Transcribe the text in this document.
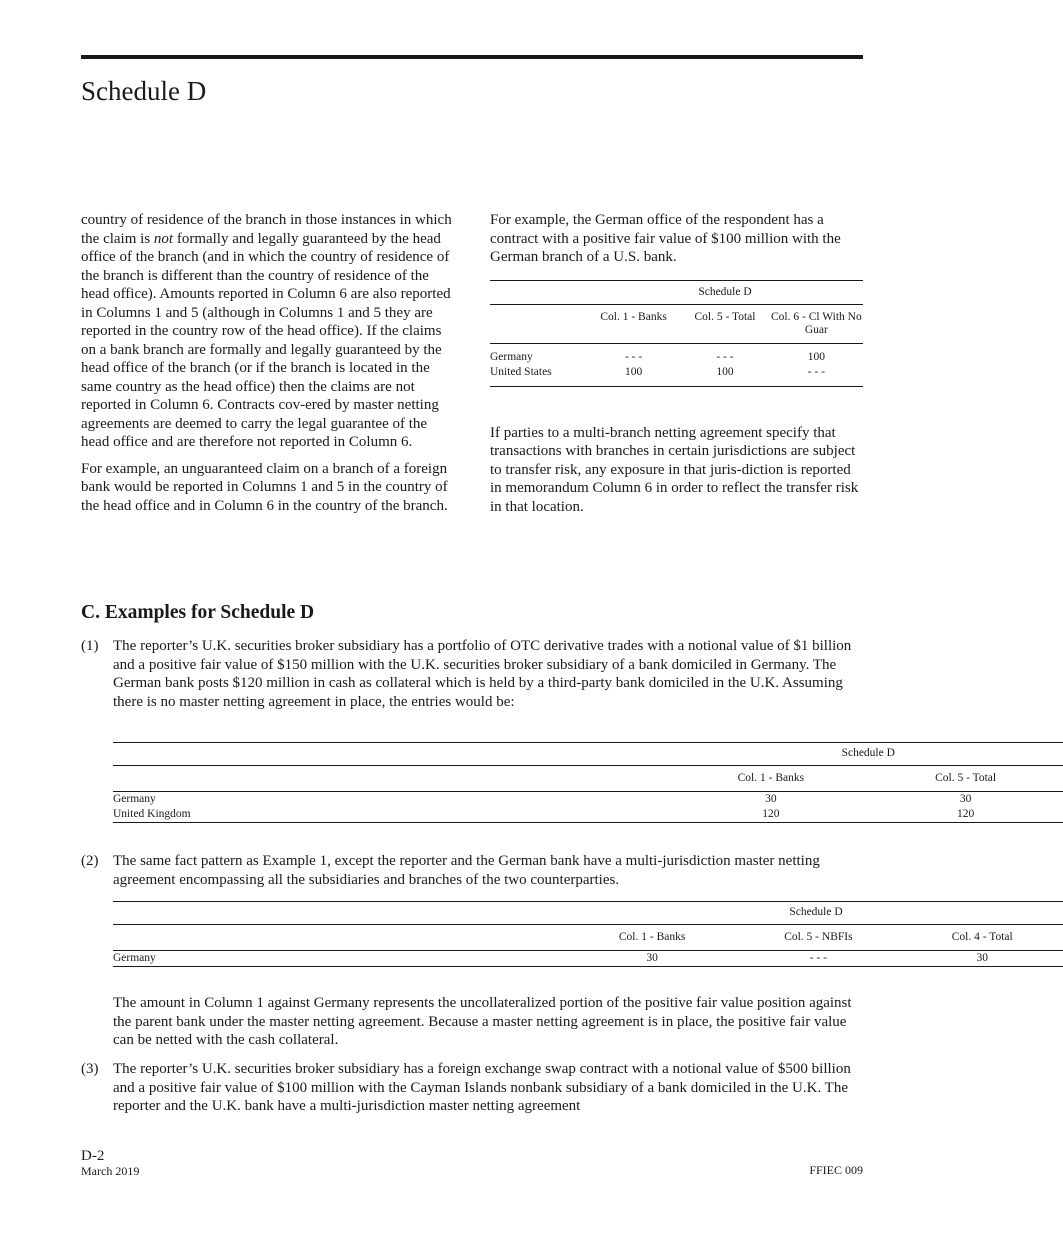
Schedule D

country of residence of the branch in those instances in which the claim is not formally and legally guaranteed by the head office of the branch (and in which the country of residence of the branch is different than the country of residence of the head office). Amounts reported in Column 6 are also reported in Columns 1 and 5 (although in Columns 1 and 5 they are reported in the country row of the head office). If the claims on a bank branch are formally and legally guaranteed by the head office of the branch (or if the branch is located in the same country as the head office) then the claims are not reported in Column 6. Contracts cov-ered by master netting agreements are deemed to carry the legal guarantee of the head office and are therefore not reported in Column 6.

For example, an unguaranteed claim on a branch of a foreign bank would be reported in Columns 1 and 5 in the country of the head office and in Column 6 in the country of the branch.

For example, the German office of the respondent has a contract with a positive fair value of $100 million with the German branch of a U.S. bank.

	Schedule D		
	Col. 1 - Banks	Col. 5 - Total	Col. 6 - Cl With No Guar
Germany	- - -	- - -	100
United States	100	100	- - -

If parties to a multi-branch netting agreement specify that transactions with branches in certain jurisdictions are subject to transfer risk, any exposure in that juris-diction is reported in memorandum Column 6 in order to reflect the transfer risk in that location.

C. Examples for Schedule D
(1) The reporter’s U.K. securities broker subsidiary has a portfolio of OTC derivative trades with a notional value of $1 billion and a positive fair value of $150 million with the U.K. securities broker subsidiary of a bank domiciled in Germany. The German bank posts $120 million in cash as collateral which is held by a third-party bank domiciled in the U.K. Assuming there is no master netting agreement in place, the entries would be:
	Schedule D	
	Col. 1 - Banks	Col. 5 - Total
Germany	30	30
United Kingdom	120	120
(2) The same fact pattern as Example 1, except the reporter and the German bank have a multi-jurisdiction master netting agreement encompassing all the subsidiaries and branches of the two counterparties.
	Schedule D		
	Col. 1 - Banks	Col. 5 - NBFIs	Col. 4 - Total
Germany	30	- - -	30
The amount in Column 1 against Germany represents the uncollateralized portion of the positive fair value position against the parent bank under the master netting agreement. Because a master netting agreement is in place, the positive fair value can be netted with the cash collateral.
(3) The reporter’s U.K. securities broker subsidiary has a foreign exchange swap contract with a notional value of $500 billion and a positive fair value of $100 million with the Cayman Islands nonbank subsidiary of a bank domiciled in the U.K. The reporter and the U.K. bank have a multi-jurisdiction master netting agreement
D-2
March 2019	FFIEC 009
